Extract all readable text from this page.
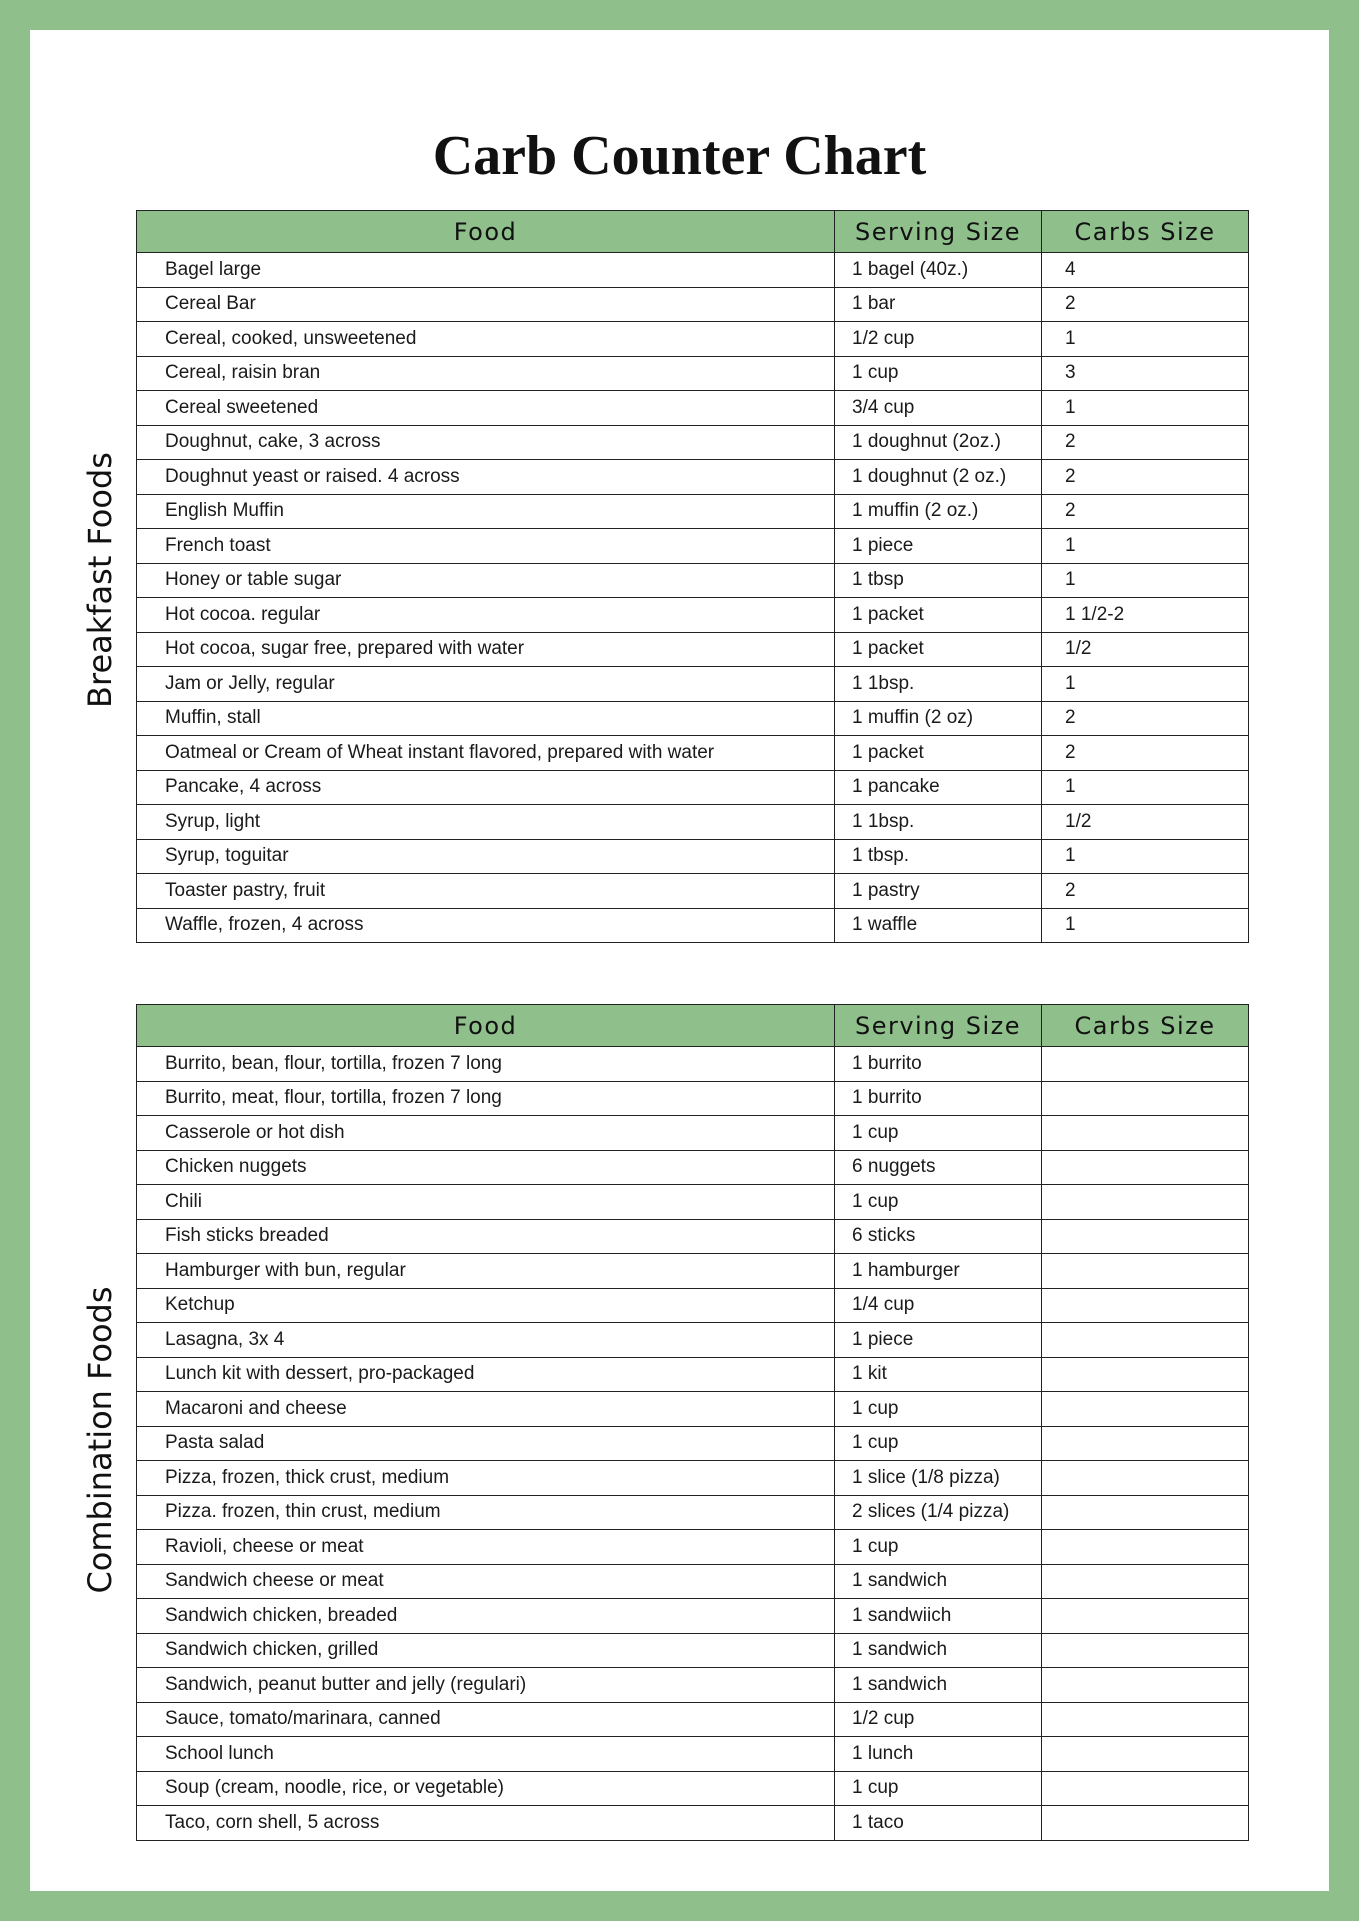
Carb Counter Chart
Breakfast Foods
Food	Serving Size	Carbs Size
Bagel large	1 bagel (40z.)	4
Cereal Bar	1 bar	2
Cereal, cooked, unsweetened	1/2 cup	1
Cereal, raisin bran	1 cup	3
Cereal sweetened	3/4 cup	1
Doughnut, cake, 3 across	1 doughnut (2oz.)	2
Doughnut yeast or raised. 4 across	1 doughnut (2 oz.)	2
English Muffin	1 muffin (2 oz.)	2
French toast	1 piece	1
Honey or table sugar	1 tbsp	1
Hot cocoa. regular	1 packet	1 1/2-2
Hot cocoa, sugar free, prepared with water	1 packet	1/2
Jam or Jelly, regular	1 1bsp.	1
Muffin, stall	1 muffin (2 oz)	2
Oatmeal or Cream of Wheat instant flavored, prepared with water	1 packet	2
Pancake, 4 across	1 pancake	1
Syrup, light	1 1bsp.	1/2
Syrup, toguitar	1 tbsp.	1
Toaster pastry, fruit	1 pastry	2
Waffle, frozen, 4 across	1 waffle	1
Combination Foods
Food	Serving Size	Carbs Size
Burrito, bean, flour, tortilla, frozen 7 long	1 burrito	
Burrito, meat, flour, tortilla, frozen 7 long	1 burrito	
Casserole or hot dish	1 cup	
Chicken nuggets	6 nuggets	
Chili	1 cup	
Fish sticks breaded	6 sticks	
Hamburger with bun, regular	1 hamburger	
Ketchup	1/4 cup	
Lasagna, 3x 4	1 piece	
Lunch kit with dessert, pro-packaged	1 kit	
Macaroni and cheese	1 cup	
Pasta salad	1 cup	
Pizza, frozen, thick crust, medium	1 slice (1/8 pizza)	
Pizza. frozen, thin crust, medium	2 slices (1/4 pizza)	
Ravioli, cheese or meat	1 cup	
Sandwich cheese or meat	1 sandwich	
Sandwich chicken, breaded	1 sandwiich	
Sandwich chicken, grilled	1 sandwich	
Sandwich, peanut butter and jelly (regulari)	1 sandwich	
Sauce, tomato/marinara, canned	1/2 cup	
School lunch	1 lunch	
Soup (cream, noodle, rice, or vegetable)	1 cup	
Taco, corn shell, 5 across	1 taco	
